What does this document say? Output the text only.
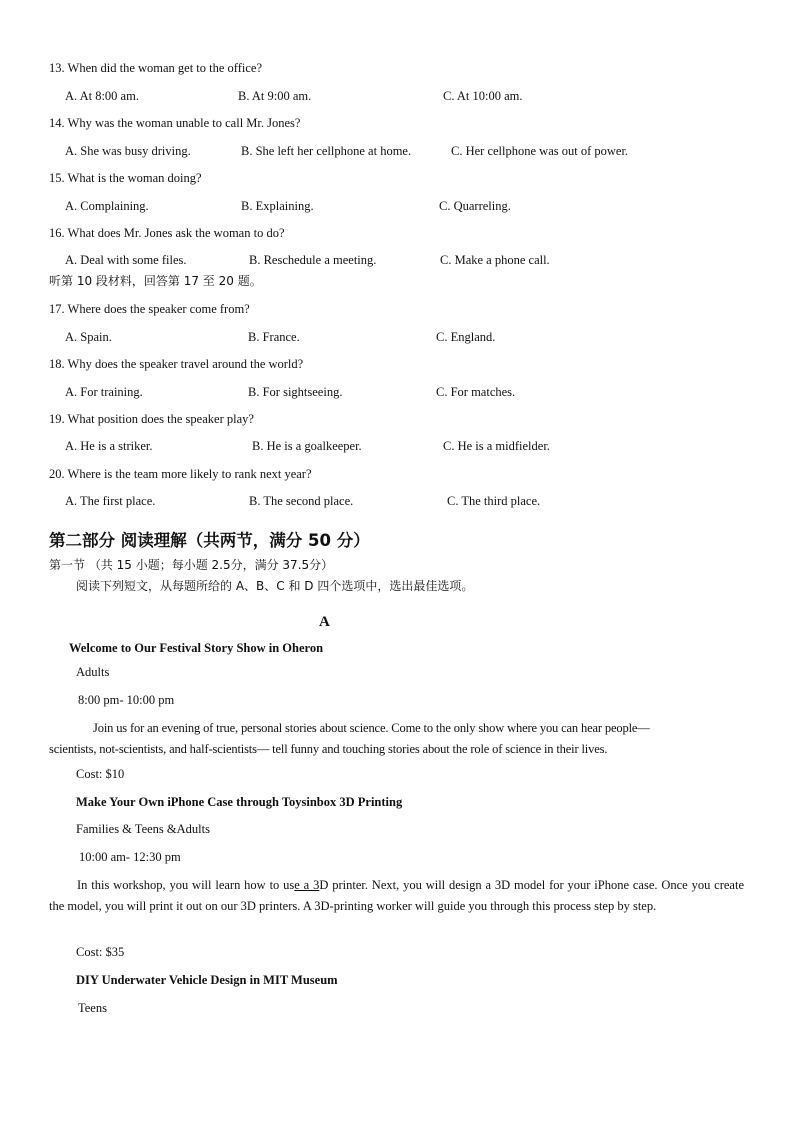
13. When did the woman get to the office?
A. At 8:00 am.	B. At 9:00 am.	C. At 10:00 am.
14. Why was the woman unable to call Mr. Jones?
A. She was busy driving.	B. She left her cellphone at home.	C. Her cellphone was out of power.
15. What is the woman doing?
A. Complaining.	B. Explaining.	C. Quarreling.
16. What does Mr. Jones ask the woman to do?
A. Deal with some files.	B. Reschedule a meeting.	C. Make a phone call.
听第 10 段材料，回答第 17 至 20 题。
17. Where does the speaker come from?
A. Spain.	B. France.	C. England.
18. Why does the speaker travel around the world?
A. For training.	B. For sightseeing.	C. For matches.
19. What position does the speaker play?
A. He is a striker.	B. He is a goalkeeper.	C. He is a midfielder.
20. Where is the team more likely to rank next year?
A. The first place.	B. The second place.	C. The third place.
第二部分 阅读理解（共两节，满分 50 分）
第一节 （共 15 小题；每小题 2.5分，满分 37.5分）
阅读下列短文，从每题所给的 A、B、C 和 D 四个选项中，选出最佳选项。
A
Welcome to Our Festival Story Show in Oheron
Adults
8:00 pm- 10:00 pm
Join us for an evening of true, personal stories about science. Come to the only show where you can hear people—
scientists, not-scientists, and half-scientists— tell funny and touching stories about the role of science in their lives.
Cost: $10
Make Your Own iPhone Case through Toysinbox 3D Printing
Families & Teens &Adults
10:00 am- 12:30 pm
In this workshop, you will learn how to use a 3D printer. Next, you will design a 3D model for your iPhone case. Once you create the model, you will print it out on our 3D printers. A 3D-printing worker will guide you through this process step by step.
Cost: $35
DIY Underwater Vehicle Design in MIT Museum
Teens
